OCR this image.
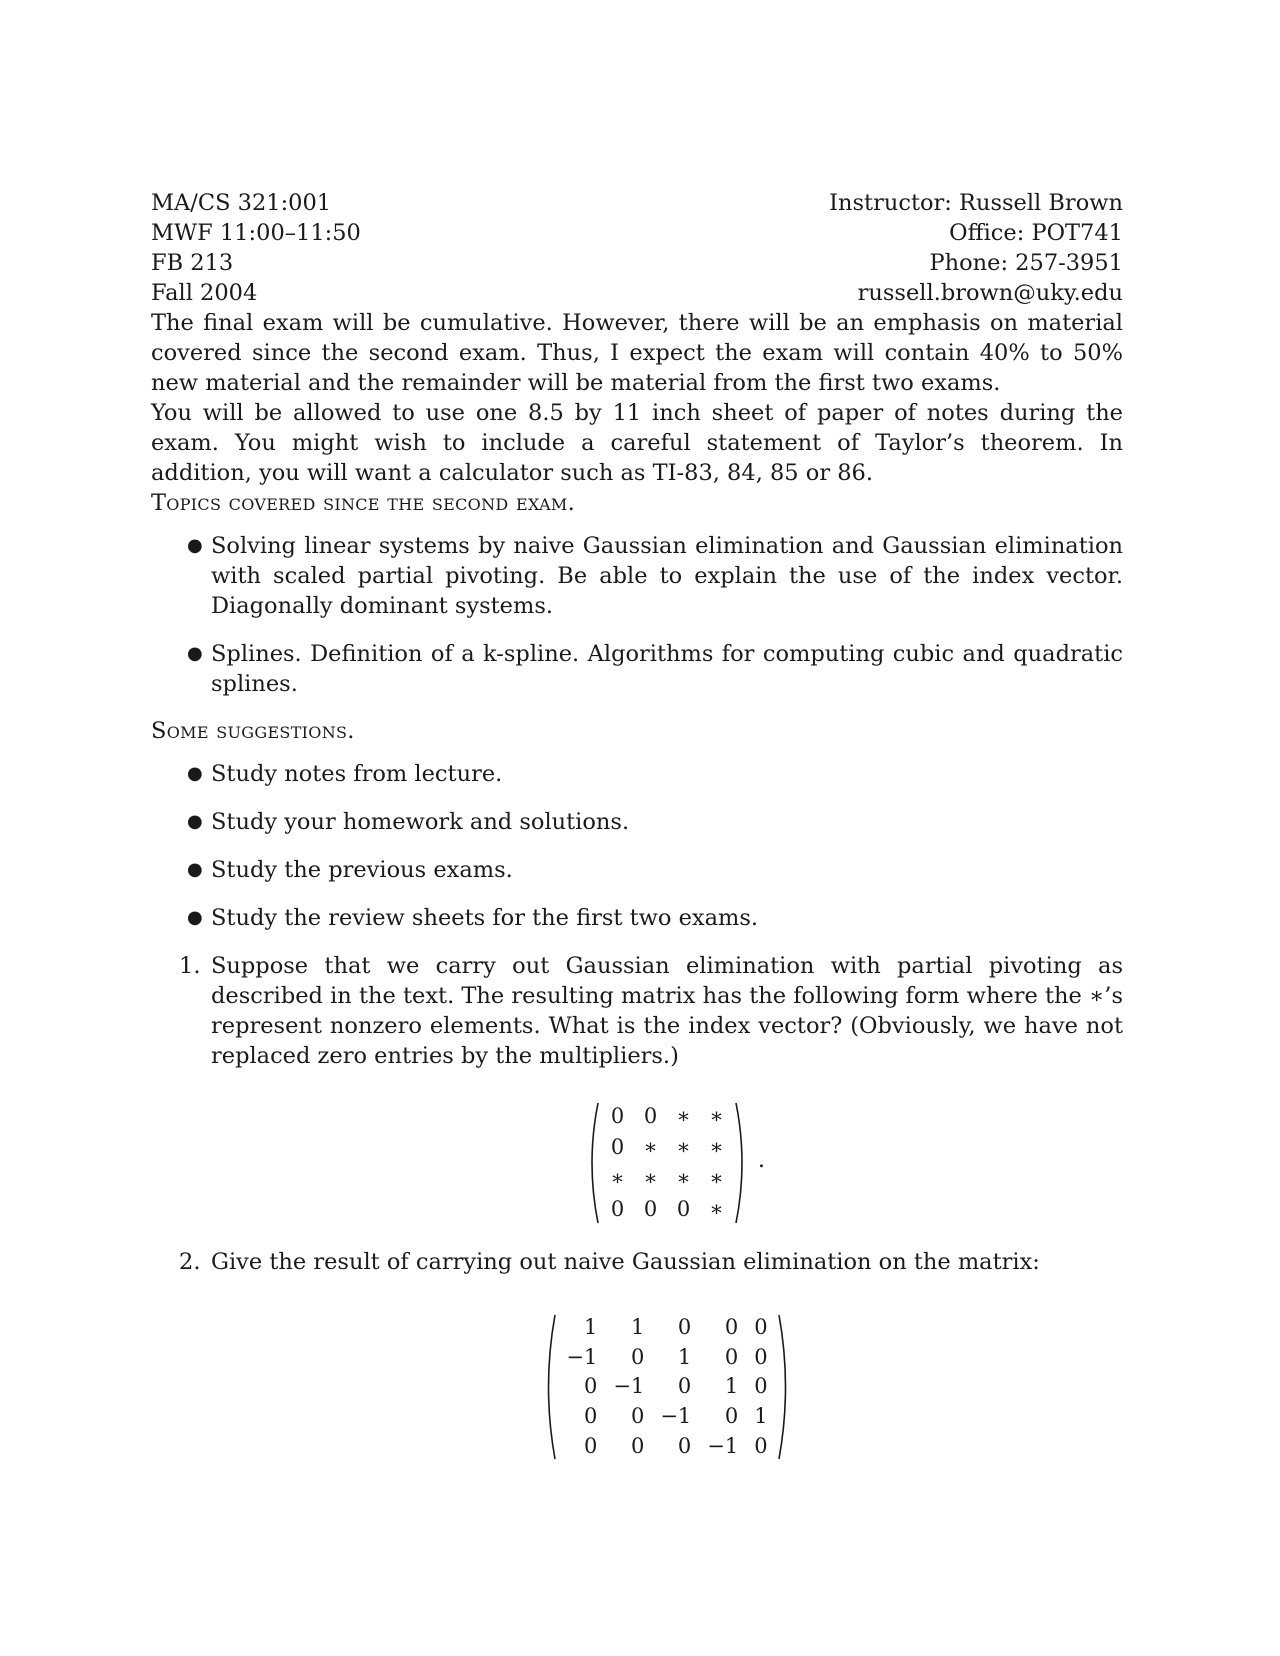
MA/CS 321:001	Instructor: Russell Brown
MWF 11:00–11:50	Office: POT741
FB 213	Phone: 257-3951
Fall 2004	russell.brown@uky.edu

The final exam will be cumulative. However, there will be an emphasis on material covered since the second exam. Thus, I expect the exam will contain 40% to 50% new material and the remainder will be material from the first two exams.

You will be allowed to use one 8.5 by 11 inch sheet of paper of notes during the exam. You might wish to include a careful statement of Taylor’s theorem. In addition, you will want a calculator such as TI-83, 84, 85 or 86.

Topics covered since the second exam.
● Solving linear systems by naive Gaussian elimination and Gaussian elimination with scaled partial pivoting. Be able to explain the use of the index vector. Diagonally dominant systems.
● Splines. Definition of a k-spline. Algorithms for computing cubic and quadratic splines.
Some suggestions.
● Study notes from lecture.
● Study your homework and solutions.
● Study the previous exams.
● Study the review sheets for the first two exams.
1. Suppose that we carry out Gaussian elimination with partial pivoting as described in the text. The resulting matrix has the following form where the ∗’s represent nonzero elements. What is the index vector? (Obviously, we have not replaced zero entries by the multipliers.)
0	0	∗	∗
0	∗	∗	∗
∗	∗	∗	∗
0	0	0	∗
.
2. Give the result of carrying out naive Gaussian elimination on the matrix:
1	1	0	0	0
−1	0	1	0	0
0	−1	0	1	0
0	0	−1	0	1
0	0	0	−1	0
